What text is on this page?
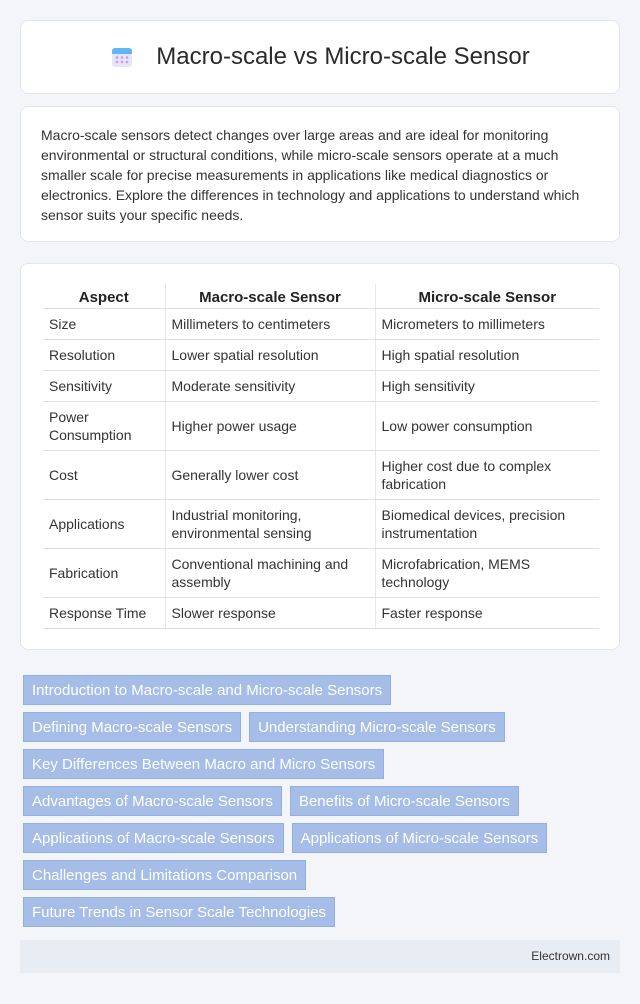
Macro-scale vs Micro-scale Sensor

Macro-scale sensors detect changes over large areas and are ideal for monitoring environmental or structural conditions, while micro-scale sensors operate at a much smaller scale for precise measurements in applications like medical diagnostics or electronics. Explore the differences in technology and applications to understand which sensor suits your specific needs.

Aspect	Macro-scale Sensor	Micro-scale Sensor
Size	Millimeters to centimeters	Micrometers to millimeters
Resolution	Lower spatial resolution	High spatial resolution
Sensitivity	Moderate sensitivity	High sensitivity
Power Consumption	Higher power usage	Low power consumption
Cost	Generally lower cost	Higher cost due to complex fabrication
Applications	Industrial monitoring, environmental sensing	Biomedical devices, precision instrumentation
Fabrication	Conventional machining and assembly	Microfabrication, MEMS technology
Response Time	Slower response	Faster response
Introduction to Macro-scale and Micro-scale Sensors
Defining Macro-scale Sensors	Understanding Micro-scale Sensors
Key Differences Between Macro and Micro Sensors
Advantages of Macro-scale Sensors	Benefits of Micro-scale Sensors
Applications of Macro-scale Sensors	Applications of Micro-scale Sensors
Challenges and Limitations Comparison
Future Trends in Sensor Scale Technologies
Electrown.com
